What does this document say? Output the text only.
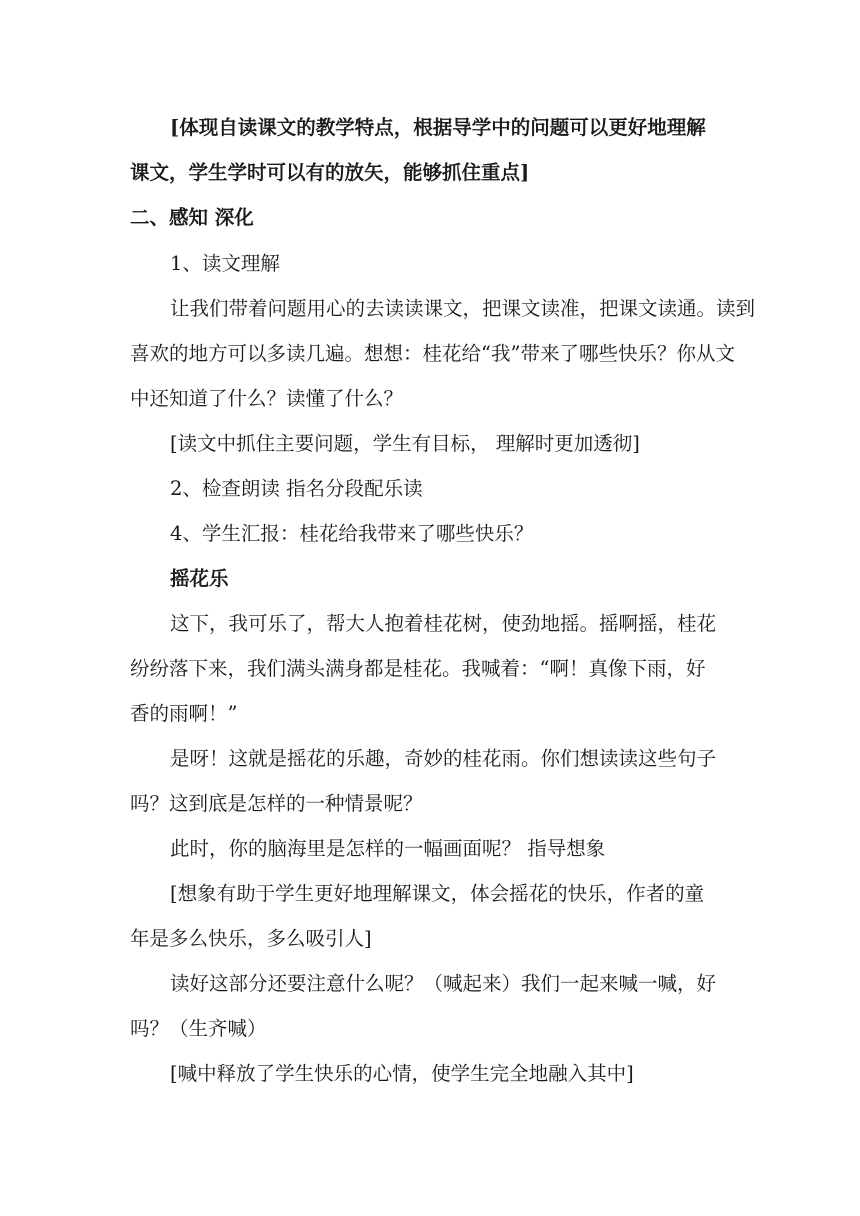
[体现自读课文的教学特点，根据导学中的问题可以更好地理解
课文，学生学时可以有的放矢，能够抓住重点]
二、感知 深化
1、读文理解
让我们带着问题用心的去读读课文，把课文读准，把课文读通。读到
喜欢的地方可以多读几遍。想想：桂花给“我”带来了哪些快乐？你从文
中还知道了什么？读懂了什么？
[读文中抓住主要问题，学生有目标， 理解时更加透彻]
2、检查朗读 指名分段配乐读
4、学生汇报：桂花给我带来了哪些快乐？
摇花乐
这下，我可乐了，帮大人抱着桂花树，使劲地摇。摇啊摇，桂花
纷纷落下来，我们满头满身都是桂花。我喊着：“啊！真像下雨，好
香的雨啊！”
是呀！这就是摇花的乐趣，奇妙的桂花雨。你们想读读这些句子
吗？这到底是怎样的一种情景呢？
此时，你的脑海里是怎样的一幅画面呢？ 指导想象
[想象有助于学生更好地理解课文，体会摇花的快乐，作者的童
年是多么快乐，多么吸引人]
读好这部分还要注意什么呢？（喊起来）我们一起来喊一喊，好
吗？（生齐喊）
[喊中释放了学生快乐的心情，使学生完全地融入其中]
